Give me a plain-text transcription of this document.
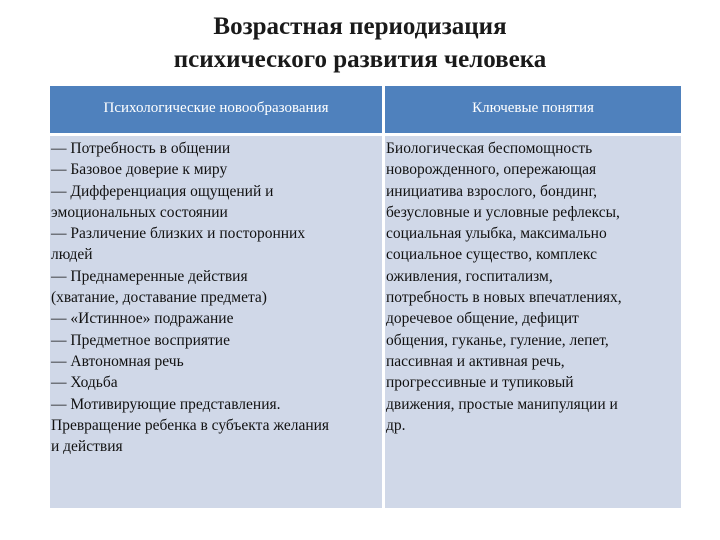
Возрастная периодизация
психического развития человека
Психологические новообразования	Ключевые понятия
— Потребность в общении
— Базовое доверие к миру
— Дифференциация ощущений и
эмоциональных состоянии
— Различение близких и посторонних
людей
— Преднамеренные действия
(хватание, доставание предмета)
— «Истинное» подражание
— Предметное восприятие
— Автономная речь
— Ходьба
— Мотивирующие представления.
Превращение ребенка в субъекта желания
и действия
Биологическая беспомощность
новорожденного, опережающая
инициатива взрослого, бондинг,
безусловные и условные рефлексы,
социальная улыбка, максимально
социальное существо, комплекс
оживления, госпитализм,
потребность в новых впечатлениях,
доречевое общение, дефицит
общения, гуканье, гуление, лепет,
пассивная и активная речь,
прогрессивные и тупиковый
движения, простые манипуляции и
др.
